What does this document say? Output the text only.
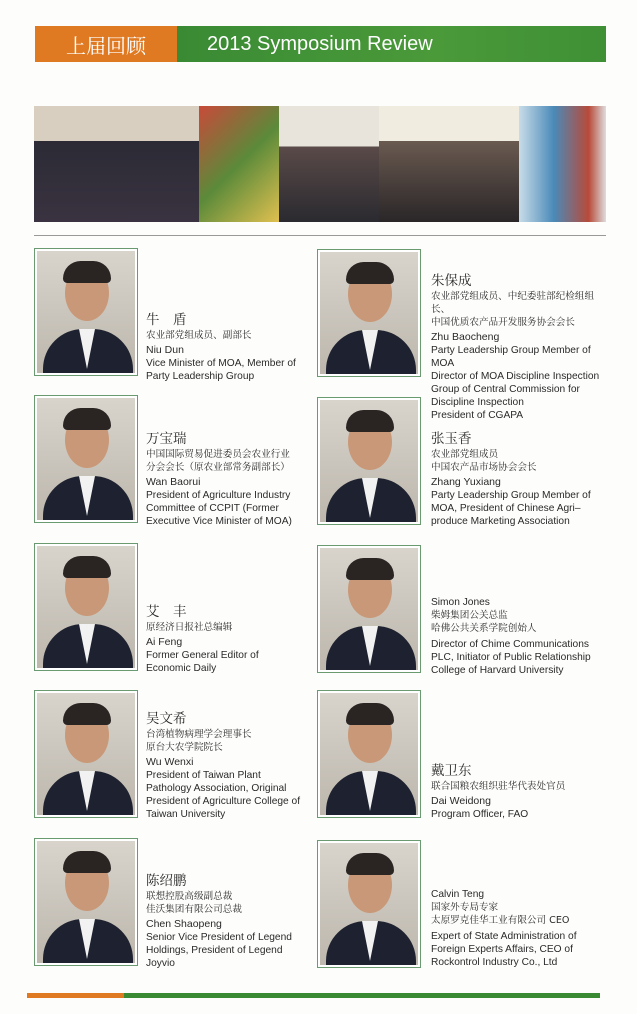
上届回顾	2013 Symposium Review
牛　盾
农业部党组成员、副部长
Niu Dun
Vice Minister of MOA, Member of
Party Leadership Group
朱保成
农业部党组成员、中纪委驻部纪检组组长、
中国优质农产品开发服务协会会长
Zhu Baocheng
Party Leadership Group Member of MOA
Director of MOA Discipline Inspection
Group of Central Commission for
Discipline Inspection
President of CGAPA
万宝瑞
中国国际贸易促进委员会农业行业
分会会长（原农业部常务副部长）
Wan Baorui
President of Agriculture Industry
Committee of CCPIT (Former
Executive Vice Minister of MOA)
张玉香
农业部党组成员
中国农产品市场协会会长
Zhang Yuxiang
Party Leadership Group Member of
MOA, President of Chinese Agri–
produce Marketing Association
艾　丰
原经济日报社总编辑
Ai Feng
Former General Editor of
Economic Daily
Simon Jones
柴姆集团公关总监
哈佛公共关系学院创始人
Director of Chime Communications
PLC, Initiator of Public Relationship
College of Harvard University
吴文希
台湾植物病理学会理事长
原台大农学院院长
Wu Wenxi
President of Taiwan Plant
Pathology Association, Original
President of Agriculture College of
Taiwan University
戴卫东
联合国粮农组织驻华代表处官员
Dai Weidong
Program Officer, FAO
陈绍鹏
联想控股高级副总裁
佳沃集团有限公司总裁
Chen Shaopeng
Senior Vice President of Legend
Holdings, President of Legend
Joyvio
Calvin Teng
国家外专局专家
太原罗克佳华工业有限公司 CEO
Expert of State Administration of
Foreign Experts Affairs, CEO of
Rockontrol Industry Co., Ltd
